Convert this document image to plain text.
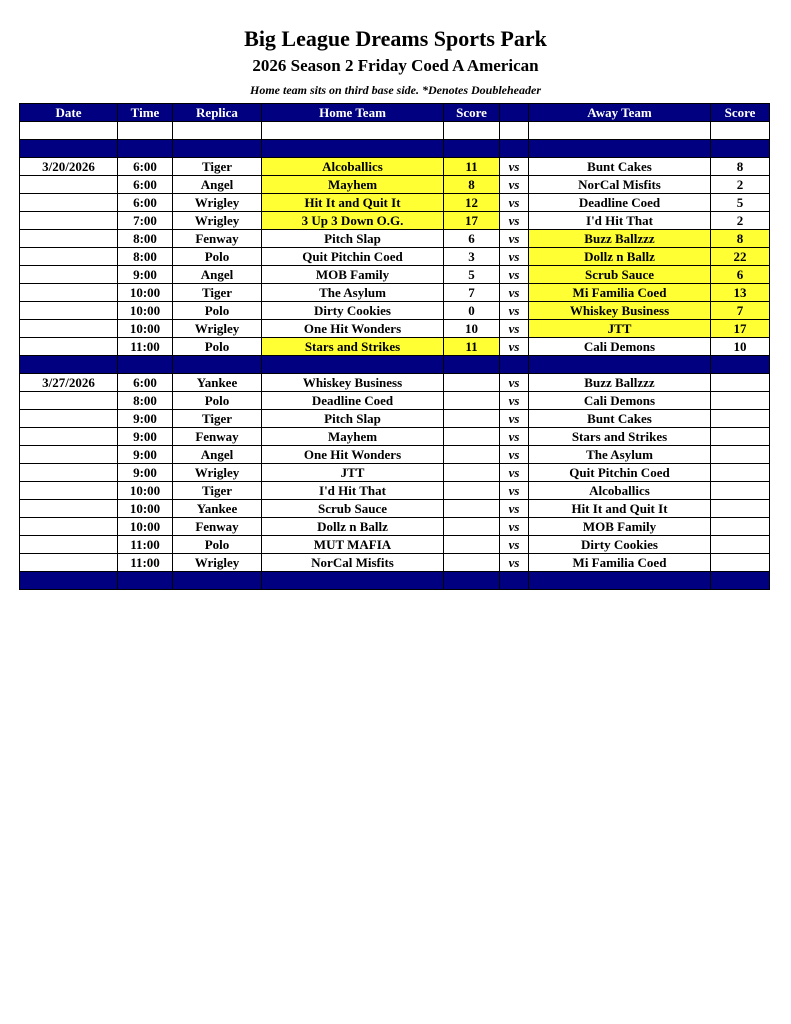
Big League Dreams Sports Park
2026 Season 2 Friday Coed A American
Home team sits on third base side. *Denotes Doubleheader
Date	Time	Replica	Home Team	Score		Away Team	Score

3/20/2026	6:00	Tiger	Alcoballics	11	vs	Bunt Cakes	8
	6:00	Angel	Mayhem	8	vs	NorCal Misfits	2
	6:00	Wrigley	Hit It and Quit It	12	vs	Deadline Coed	5
	7:00	Wrigley	3 Up 3 Down O.G.	17	vs	I'd Hit That	2
	8:00	Fenway	Pitch Slap	6	vs	Buzz Ballzzz	8
	8:00	Polo	Quit Pitchin Coed	3	vs	Dollz n Ballz	22
	9:00	Angel	MOB Family	5	vs	Scrub Sauce	6
	10:00	Tiger	The Asylum	7	vs	Mi Familia Coed	13
	10:00	Polo	Dirty Cookies	0	vs	Whiskey Business	7
	10:00	Wrigley	One Hit Wonders	10	vs	JTT	17
	11:00	Polo	Stars and Strikes	11	vs	Cali Demons	10

3/27/2026	6:00	Yankee	Whiskey Business		vs	Buzz Ballzzz	
	8:00	Polo	Deadline Coed		vs	Cali Demons	
	9:00	Tiger	Pitch Slap		vs	Bunt Cakes	
	9:00	Fenway	Mayhem		vs	Stars and Strikes	
	9:00	Angel	One Hit Wonders		vs	The Asylum	
	9:00	Wrigley	JTT		vs	Quit Pitchin Coed	
	10:00	Tiger	I'd Hit That		vs	Alcoballics	
	10:00	Yankee	Scrub Sauce		vs	Hit It and Quit It	
	10:00	Fenway	Dollz n Ballz		vs	MOB Family	
	11:00	Polo	MUT MAFIA		vs	Dirty Cookies	
	11:00	Wrigley	NorCal Misfits		vs	Mi Familia Coed	
